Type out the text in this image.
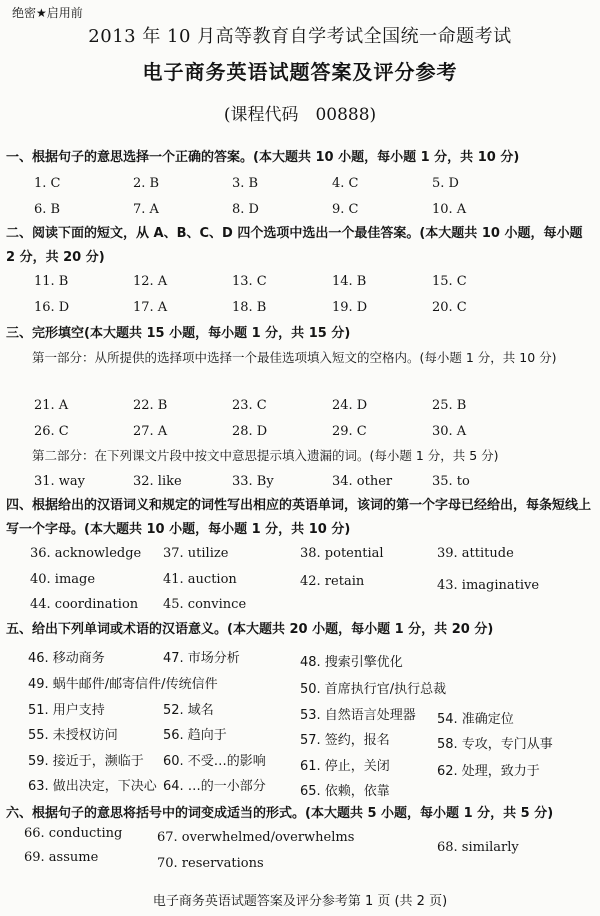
绝密★启用前
2013 年 10 月高等教育自学考试全国统一命题考试
电子商务英语试题答案及评分参考
(课程代码　00888)
一、根据句子的意思选择一个正确的答案。(本大题共 10 小题，每小题 1 分，共 10 分)
1. C	2. B	3. B	4. C	5. D
6. B	7. A	8. D	9. C	10. A
二、阅读下面的短文，从 A、B、C、D 四个选项中选出一个最佳答案。(本大题共 10 小题，每小题 2 分，共 20 分)
11. B	12. A	13. C	14. B	15. C
16. D	17. A	18. B	19. D	20. C
三、完形填空(本大题共 15 小题，每小题 1 分，共 15 分)
第一部分：从所提供的选择项中选择一个最佳选项填入短文的空格内。(每小题 1 分，共 10 分)
21. A	22. B	23. C	24. D	25. B
26. C	27. A	28. D	29. C	30. A
第二部分：在下列课文片段中按文中意思提示填入遗漏的词。(每小题 1 分，共 5 分)
31. way	32. like	33. By	34. other	35. to
四、根据给出的汉语词义和规定的词性写出相应的英语单词，该词的第一个字母已经给出，每条短线上写一个字母。(本大题共 10 小题，每小题 1 分，共 10 分)
36. acknowledge 37. utilize	38. potential	39. attitude
40. image	41. auction	42. retain	43. imaginative
44. coordination 45. convince
五、给出下列单词或术语的汉语意义。(本大题共 20 小题，每小题 1 分，共 20 分)
46. 移动商务	47. 市场分析	48. 搜索引擎优化
49. 蜗牛邮件/邮寄信件/传统信件	50. 首席执行官/执行总裁
51. 用户支持	52. 域名	53. 自然语言处理器 54. 准确定位
55. 未授权访问	56. 趋向于	57. 签约，报名	58. 专攻，专门从事
59. 接近于，濒临于 60. 不受…的影响	61. 停止，关闭	62. 处理，致力于
63. 做出决定，下决心 64. …的一小部分	65. 依赖，依靠
六、根据句子的意思将括号中的词变成适当的形式。(本大题共 5 小题，每小题 1 分，共 5 分)
66. conducting	67. overwhelmed/overwhelms
68. similarly
69. assume	70. reservations
电子商务英语试题答案及评分参考第 1 页 (共 2 页)
